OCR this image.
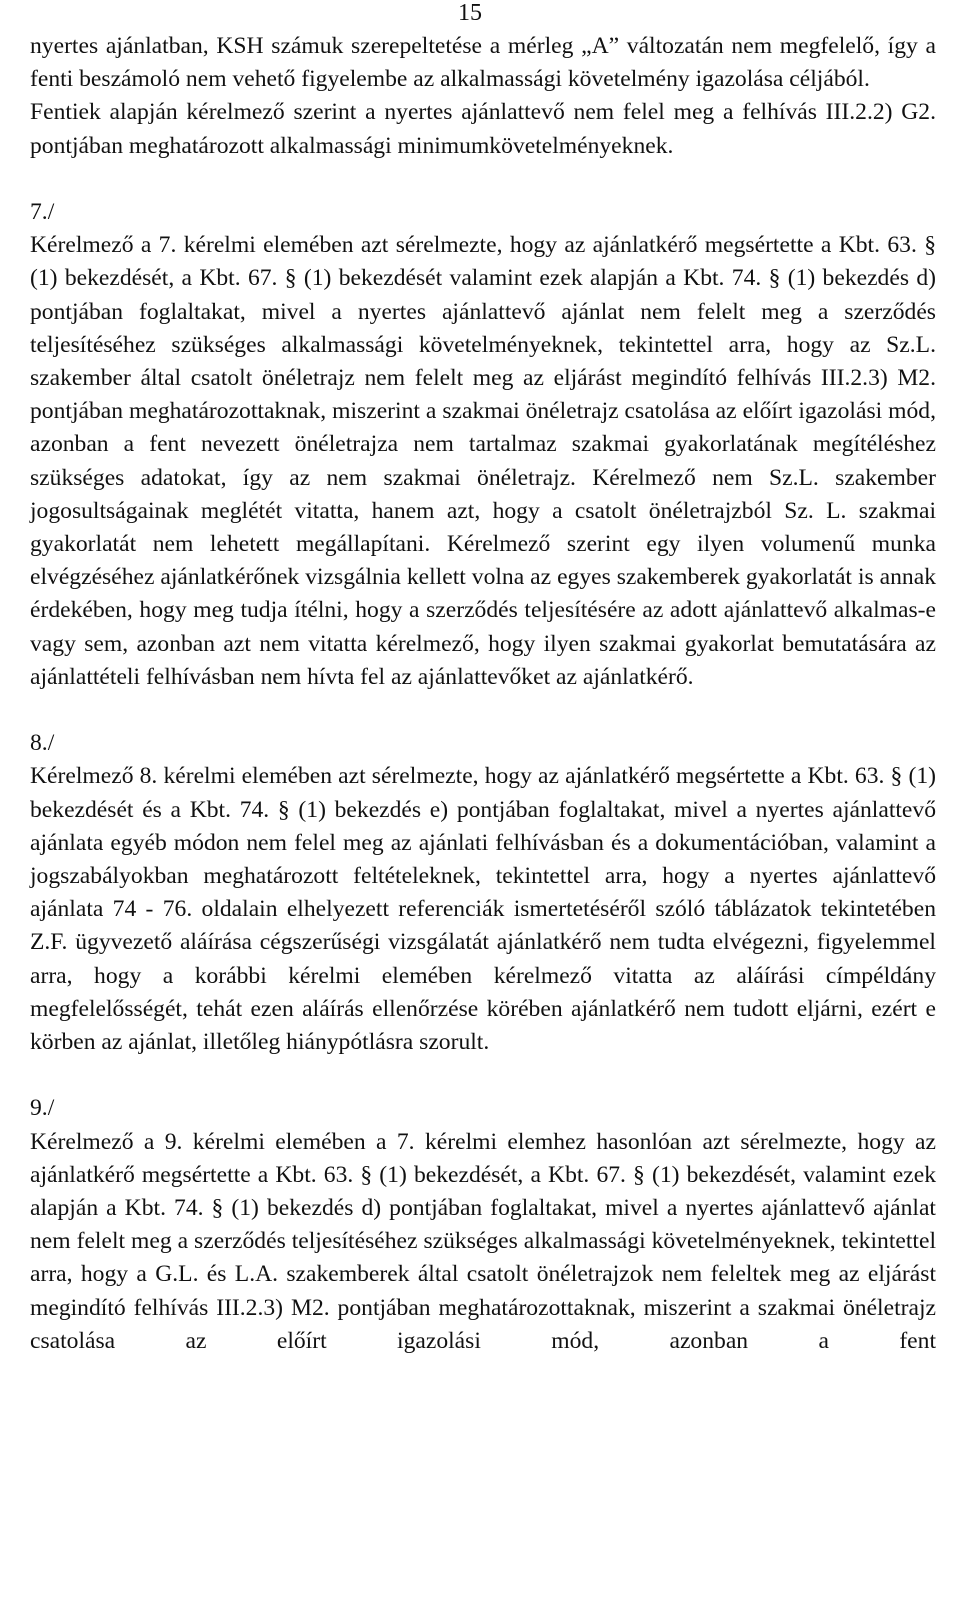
15

nyertes ajánlatban, KSH számuk szerepeltetése a mérleg „A” változatán nem megfelelő, így a fenti beszámoló nem vehető figyelembe az alkalmassági követelmény igazolása céljából.

Fentiek alapján kérelmező szerint a nyertes ajánlattevő nem felel meg a felhívás III.2.2) G2. pontjában meghatározott alkalmassági minimumkövetelményeknek.

7./

Kérelmező a 7. kérelmi elemében azt sérelmezte, hogy az ajánlatkérő megsértette a Kbt. 63. § (1) bekezdését, a Kbt. 67. § (1) bekezdését valamint ezek alapján a Kbt. 74. § (1) bekezdés d) pontjában foglaltakat, mivel a nyertes ajánlattevő ajánlat nem felelt meg a szerződés teljesítéséhez szükséges alkalmassági követelményeknek, tekintettel arra, hogy az Sz.L. szakember által csatolt önéletrajz nem felelt meg az eljárást megindító felhívás III.2.3) M2. pontjában meghatározottaknak, miszerint a szakmai önéletrajz csatolása az előírt igazolási mód, azonban a fent nevezett önéletrajza nem tartalmaz szakmai gyakorlatának megítéléshez szükséges adatokat, így az nem szakmai önéletrajz. Kérelmező nem Sz.L. szakember jogosultságainak meglétét vitatta, hanem azt, hogy a csatolt önéletrajzból Sz. L. szakmai gyakorlatát nem lehetett megállapítani. Kérelmező szerint egy ilyen volumenű munka elvégzéséhez ajánlatkérőnek vizsgálnia kellett volna az egyes szakemberek gyakorlatát is annak érdekében, hogy meg tudja ítélni, hogy a szerződés teljesítésére az adott ajánlattevő alkalmas-e vagy sem, azonban azt nem vitatta kérelmező, hogy ilyen szakmai gyakorlat bemutatására az ajánlattételi felhívásban nem hívta fel az ajánlattevőket az ajánlatkérő.

8./

Kérelmező 8. kérelmi elemében azt sérelmezte, hogy az ajánlatkérő megsértette a Kbt. 63. § (1) bekezdését és a Kbt. 74. § (1) bekezdés e) pontjában foglaltakat, mivel a nyertes ajánlattevő ajánlata egyéb módon nem felel meg az ajánlati felhívásban és a dokumentációban, valamint a jogszabályokban meghatározott feltételeknek, tekintettel arra, hogy a nyertes ajánlattevő ajánlata 74 - 76. oldalain elhelyezett referenciák ismertetéséről szóló táblázatok tekintetében Z.F. ügyvezető aláírása cégszerűségi vizsgálatát ajánlatkérő nem tudta elvégezni, figyelemmel arra, hogy a korábbi kérelmi elemében kérelmező vitatta az aláírási címpéldány megfelelősségét, tehát ezen aláírás ellenőrzése körében ajánlatkérő nem tudott eljárni, ezért e körben az ajánlat, illetőleg hiánypótlásra szorult.

9./

Kérelmező a 9. kérelmi elemében a 7. kérelmi elemhez hasonlóan azt sérelmezte, hogy az ajánlatkérő megsértette a Kbt. 63. § (1) bekezdését, a Kbt. 67. § (1) bekezdését, valamint ezek alapján a Kbt. 74. § (1) bekezdés d) pontjában foglaltakat, mivel a nyertes ajánlattevő ajánlat nem felelt meg a szerződés teljesítéséhez szükséges alkalmassági követelményeknek, tekintettel arra, hogy a G.L. és L.A. szakemberek által csatolt önéletrajzok nem feleltek meg az eljárást megindító felhívás III.2.3) M2. pontjában meghatározottaknak, miszerint a szakmai önéletrajz csatolása az előírt igazolási mód, azonban a fent
